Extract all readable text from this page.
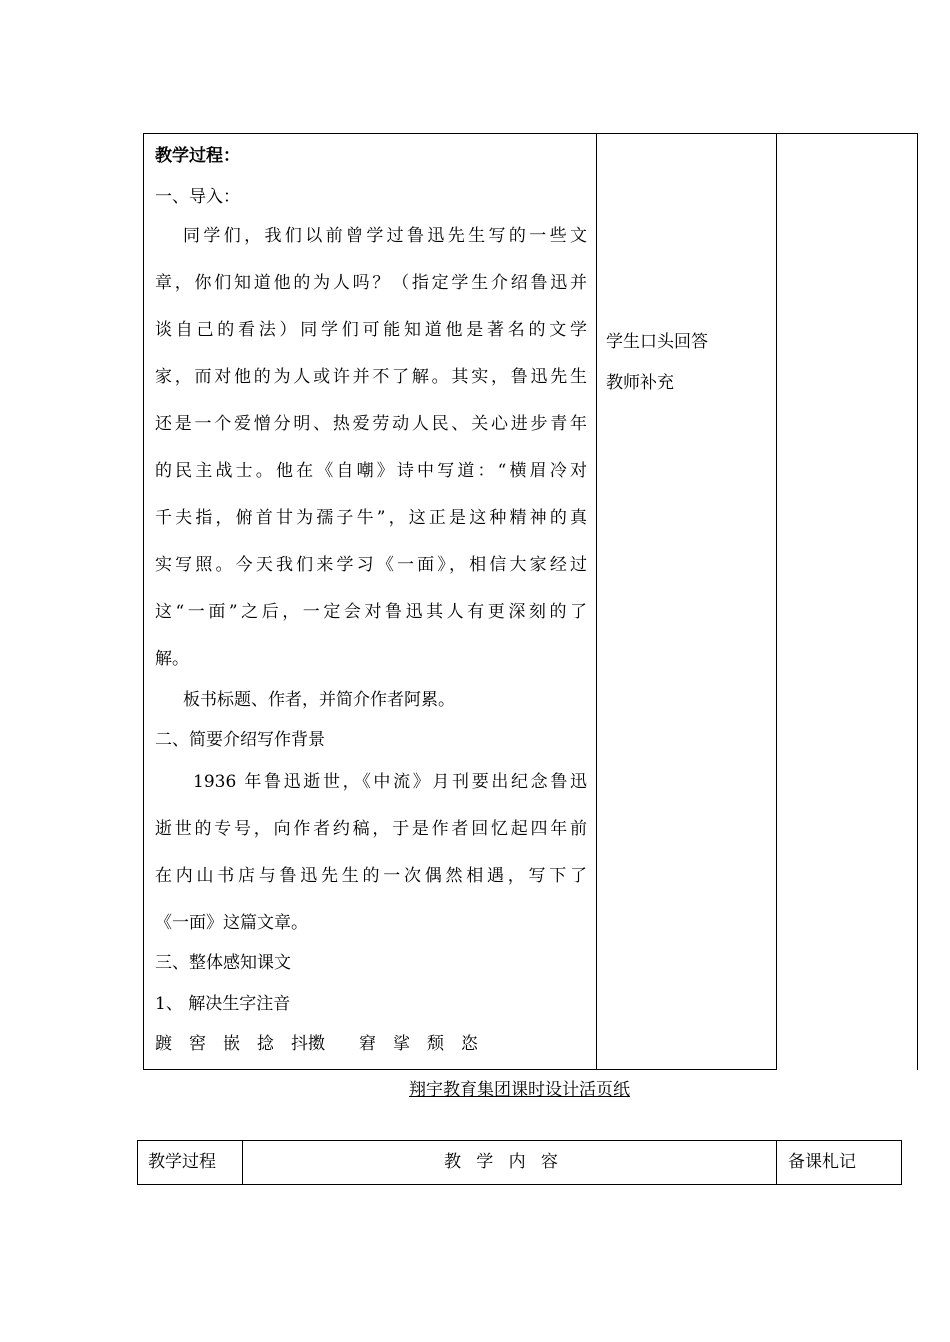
教学过程：

一、导入：

同学们，我们以前曾学过鲁迅先生写的一些文

章，你们知道他的为人吗？（指定学生介绍鲁迅并

谈自己的看法）同学们可能知道他是著名的文学

家，而对他的为人或许并不了解。其实，鲁迅先生

还是一个爱憎分明、热爱劳动人民、关心进步青年

的民主战士。他在《自嘲》诗中写道：“横眉冷对

千夫指，俯首甘为孺子牛”，这正是这种精神的真

实写照。今天我们来学习《一面》，相信大家经过

这“一面”之后，一定会对鲁迅其人有更深刻的了

解。

板书标题、作者，并简介作者阿累。

二、简要介绍写作背景

1936 年鲁迅逝世，《中流》月刊要出纪念鲁迅

逝世的专号，向作者约稿，于是作者回忆起四年前

在内山书店与鲁迅先生的一次偶然相遇，写下了

《一面》这篇文章。

三、整体感知课文

1、 解决生字注音

踱　窖　嵌　捻　抖擞　　窘　挲　颓　恣

学生口头回答

教师补充

翔宇教育集团课时设计活页纸
教学过程	教学内容	备课札记
